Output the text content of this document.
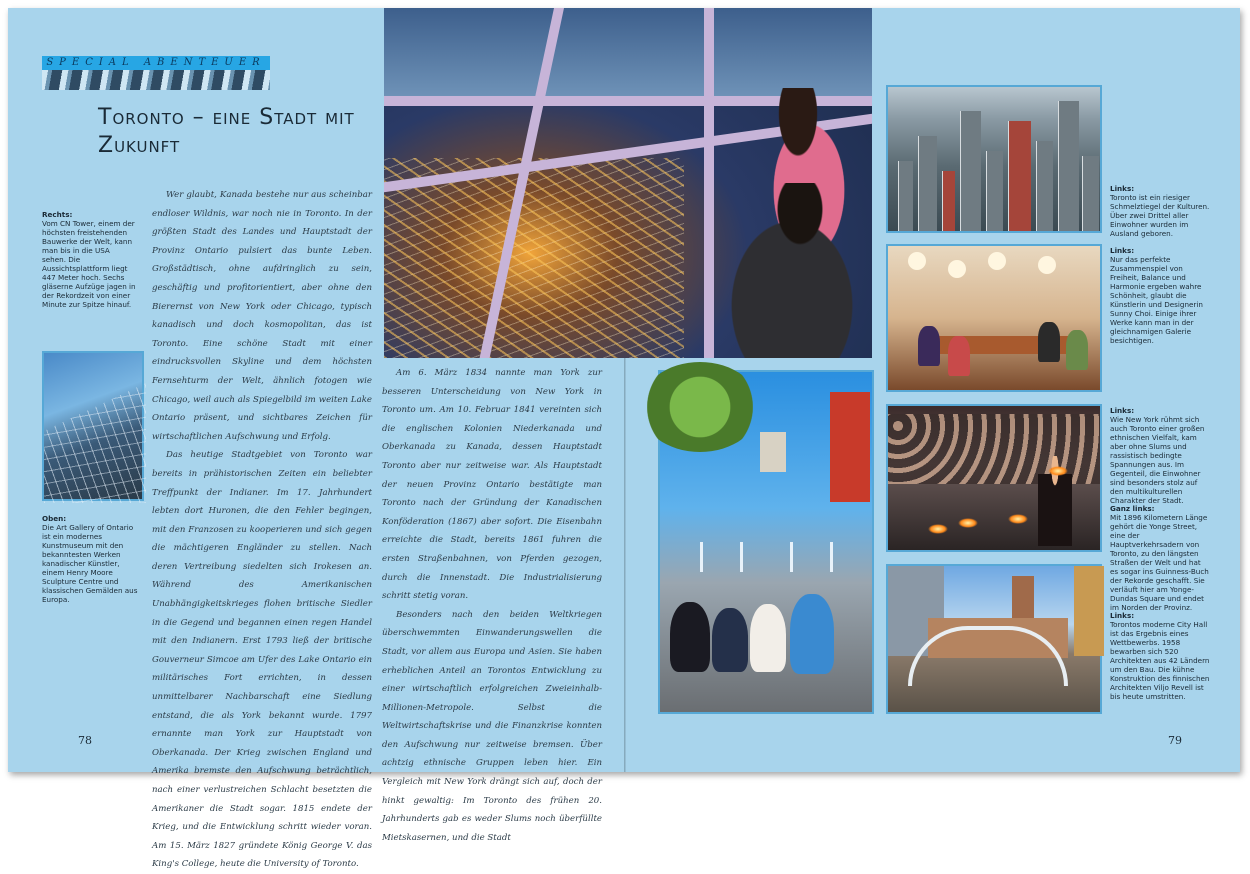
SPECIAL ABENTEUER
Toronto – eine Stadt mit Zukunft
Rechts:
Vom CN Tower, einem der höchsten freistehenden Bauwerke der Welt, kann man bis in die USA sehen. Die Aussichtsplattform liegt 447 Meter hoch. Sechs gläserne Aufzüge jagen in der Rekordzeit von einer Minute zur Spitze hinauf.
Oben:
Die Art Gallery of Ontario ist ein modernes Kunstmuseum mit den bekanntesten Werken kanadischer Künstler, einem Henry Moore Sculpture Centre und klassischen Gemälden aus Europa.

Wer glaubt, Kanada bestehe nur aus scheinbar endloser Wildnis, war noch nie in Toronto. In der größten Stadt des Landes und Hauptstadt der Provinz Ontario pulsiert das bunte Leben. Großstädtisch, ohne aufdringlich zu sein, geschäftig und profitorientiert, aber ohne den Bierernst von New York oder Chicago, typisch kanadisch und doch kosmopolitan, das ist Toronto. Eine schöne Stadt mit einer eindrucksvollen Skyline und dem höchsten Fernsehturm der Welt, ähnlich fotogen wie Chicago, weil auch als Spiegelbild im weiten Lake Ontario präsent, und sichtbares Zeichen für wirtschaftlichen Aufschwung und Erfolg.

Das heutige Stadtgebiet von Toronto war bereits in prähistorischen Zeiten ein beliebter Treffpunkt der Indianer. Im 17. Jahrhundert lebten dort Huronen, die den Fehler begingen, mit den Franzosen zu kooperieren und sich gegen die mächtigeren Engländer zu stellen. Nach deren Vertreibung siedelten sich Irokesen an. Während des Amerikanischen Unabhängigkeitskrieges flohen britische Siedler in die Gegend und begannen einen regen Handel mit den Indianern. Erst 1793 ließ der britische Gouverneur Simcoe am Ufer des Lake Ontario ein militärisches Fort errichten, in dessen unmittelbarer Nachbarschaft eine Siedlung entstand, die als York bekannt wurde. 1797 ernannte man York zur Hauptstadt von Oberkanada. Der Krieg zwischen England und Amerika bremste den Aufschwung beträchtlich, nach einer verlustreichen Schlacht besetzten die Amerikaner die Stadt sogar. 1815 endete der Krieg, und die Entwicklung schritt wieder voran. Am 15. März 1827 gründete König George V. das King's College, heute die University of Toronto.

Am 6. März 1834 nannte man York zur besseren Unterscheidung von New York in Toronto um. Am 10. Februar 1841 vereinten sich die englischen Kolonien Niederkanada und Oberkanada zu Kanada, dessen Hauptstadt Toronto aber nur zeitweise war. Als Hauptstadt der neuen Provinz Ontario bestätigte man Toronto nach der Gründung der Kanadischen Konföderation (1867) aber sofort. Die Eisenbahn erreichte die Stadt, bereits 1861 fuhren die ersten Straßenbahnen, von Pferden gezogen, durch die Innenstadt. Die Industrialisierung schritt stetig voran.

Besonders nach den beiden Weltkriegen überschwemmten Einwanderungswellen die Stadt, vor allem aus Europa und Asien. Sie haben erheblichen Anteil an Torontos Entwicklung zu einer wirtschaftlich erfolgreichen Zweieinhalb-Millionen-Metropole. Selbst die Weltwirtschaftskrise und die Finanzkrise konnten den Aufschwung nur zeitweise bremsen. Über achtzig ethnische Gruppen leben hier. Ein Vergleich mit New York drängt sich auf, doch der hinkt gewaltig: Im Toronto des frühen 20. Jahrhunderts gab es weder Slums noch überfüllte Mietskasernen, und die Stadt

78	79
Links:
Toronto ist ein riesiger Schmelztiegel der Kulturen. Über zwei Drittel aller Einwohner wurden im Ausland geboren.
Links:
Nur das perfekte Zusammenspiel von Freiheit, Balance und Harmonie ergeben wahre Schönheit, glaubt die Künstlerin und Designerin Sunny Choi. Einige ihrer Werke kann man in der gleichnamigen Galerie besichtigen.
Links:
Wie New York rühmt sich auch Toronto einer großen ethnischen Vielfalt, kam aber ohne Slums und rassistisch bedingte Spannungen aus. Im Gegenteil, die Einwohner sind besonders stolz auf den multikulturellen Charakter der Stadt.
Ganz links:
Mit 1896 Kilometern Länge gehört die Yonge Street, eine der Hauptverkehrsadern von Toronto, zu den längsten Straßen der Welt und hat es sogar ins Guinness-Buch der Rekorde geschafft. Sie verläuft hier am Yonge-Dundas Square und endet im Norden der Provinz.
Links:
Torontos moderne City Hall ist das Ergebnis eines Wettbewerbs. 1958 bewarben sich 520 Architekten aus 42 Ländern um den Bau. Die kühne Konstruktion des finnischen Architekten Viljo Revell ist bis heute umstritten.
